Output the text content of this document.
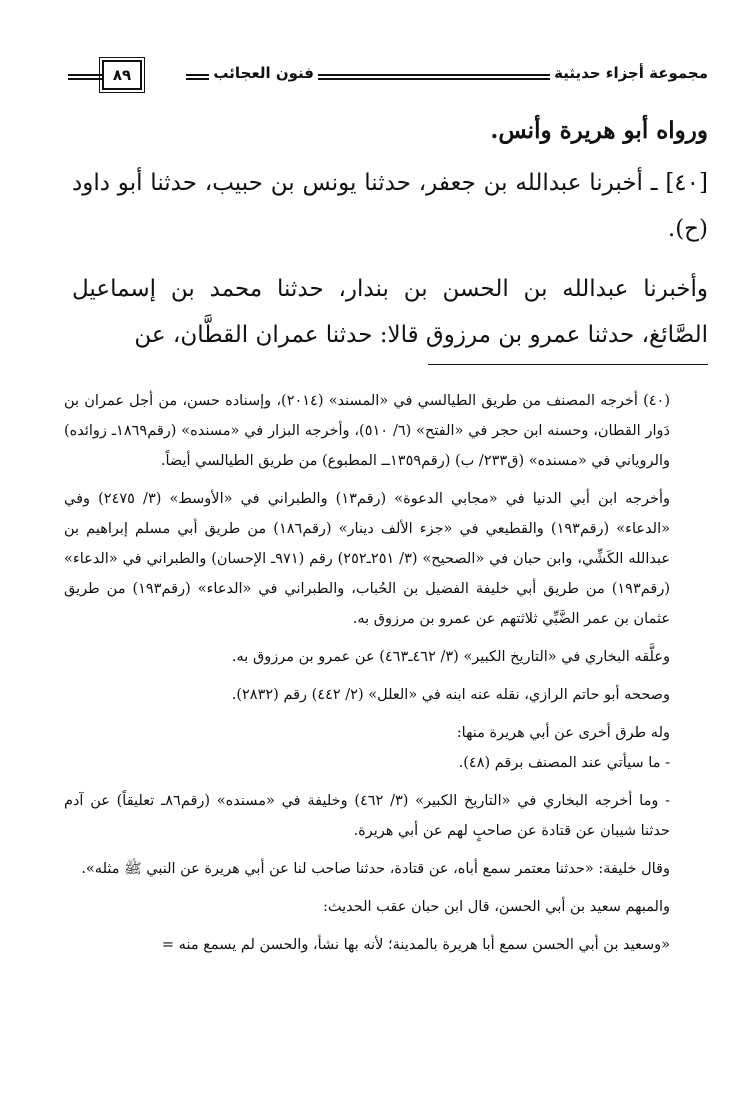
مجموعة أجزاء حديثية
فنون العجائب
٨٩

ورواه أبو هريرة وأنس.

[٤٠] ـ أخبرنا عبدالله بن جعفر، حدثنا يونس بن حبيب، حدثنا أبو داود (ح).

وأخبرنا عبدالله بن الحسن بن بندار، حدثنا محمد بن إسماعيل الصَّائغ، حدثنا عمرو بن مرزوق قالا: حدثنا عمران القطَّان، عن

(٤٠) أخرجه المصنف من طريق الطيالسي في «المسند» (٢٠١٤)، وإسناده حسن، من أجل عمران بن دَوار القطان، وحسنه ابن حجر في «الفتح» (٦/ ٥١٠)، وأخرجه البزار في «مسنده» (رقم١٨٦٩ـ زوائده) والروياني في «مسنده» (ق٢٣٣/ ب) (رقم١٣٥٩ــ المطبوع) من طريق الطيالسي أيضاً.

وأخرجه ابن أبي الدنيا في «مجابي الدعوة» (رقم١٣) والطبراني في «الأوسط» (٣/ ٢٤٧٥) وفي «الدعاء» (رقم١٩٣) والقطيعي في «جزء الألف دينار» (رقم١٨٦) من طريق أبي مسلم إبراهيم بن عبدالله الكَشِّي، وابن حبان في «الصحيح» (٣/ ٢٥١ـ٢٥٢) رقم (٩٧١ـ الإحسان) والطبراني في «الدعاء» (رقم١٩٣) من طريق أبي خليفة الفضيل بن الحُباب، والطبراني في «الدعاء» (رقم١٩٣) من طريق عثمان بن عمر الضَّبِّي ثلاثتهم عن عمرو بن مرزوق به.

وعلَّقه البخاري في «التاريخ الكبير» (٣/ ٤٦٢ـ٤٦٣) عن عمرو بن مرزوق به.

وصححه أبو حاتم الرازي، نقله عنه ابنه في «العلل» (٢/ ٤٤٢) رقم (٢٨٣٢).

وله طرق أخرى عن أبي هريرة منها:

- ما سيأتي عند المصنف برقم (٤٨).

- وما أخرجه البخاري في «التاريخ الكبير» (٣/ ٤٦٢) وخليفة في «مسنده» (رقم٨٦ـ تعليقاً) عن آدم حدثنا شيبان عن قتادة عن صاحبٍ لهم عن أبي هريرة.

وقال خليفة: «حدثنا معتمر سمع أباه، عن قتادة، حدثنا صاحب لنا عن أبي هريرة عن النبي ﷺ مثله».

والمبهم سعيد بن أبي الحسن، قال ابن حبان عقب الحديث:

«وسعيد بن أبي الحسن سمع أبا هريرة بالمدينة؛ لأنه بها نشأ، والحسن لم يسمع منه =
